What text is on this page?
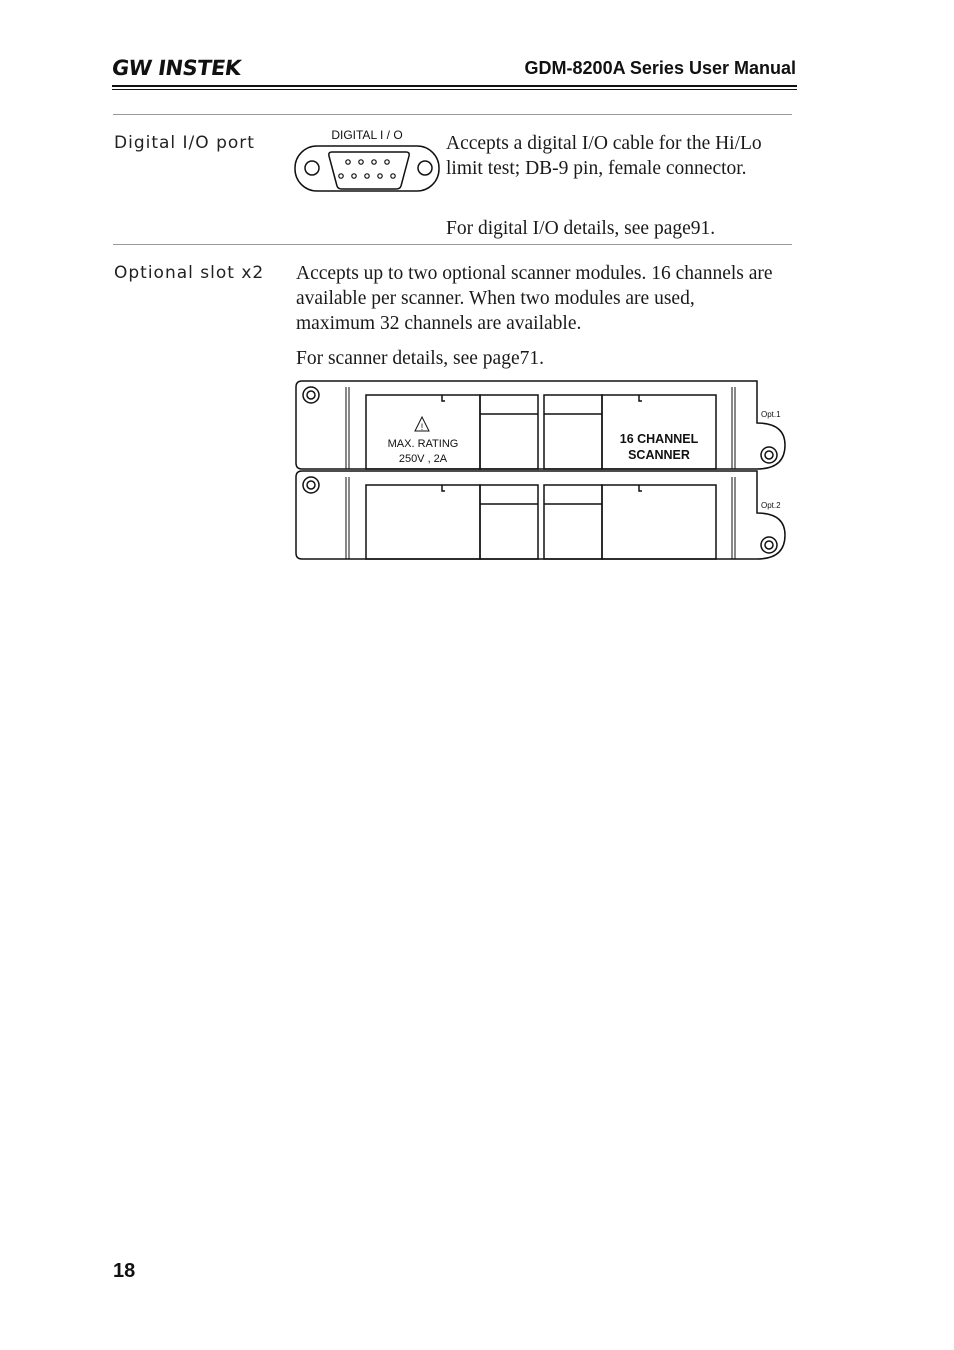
GW INSTEK	GDM-8200A Series User Manual
Digital I/O port	DIGITAL I / O Accepts a digital I/O cable for the Hi/Lo limit test; DB-9 pin, female connector.
For digital I/O details, see page91.
Optional slot x2 Accepts up to two optional scanner modules. 16 channels are available per scanner. When two modules are used, maximum 32 channels are available.
For scanner details, see page71.
!
MAX. RATING
250V , 2A
16 CHANNEL
SCANNER
Opt.1
Opt.2
18
